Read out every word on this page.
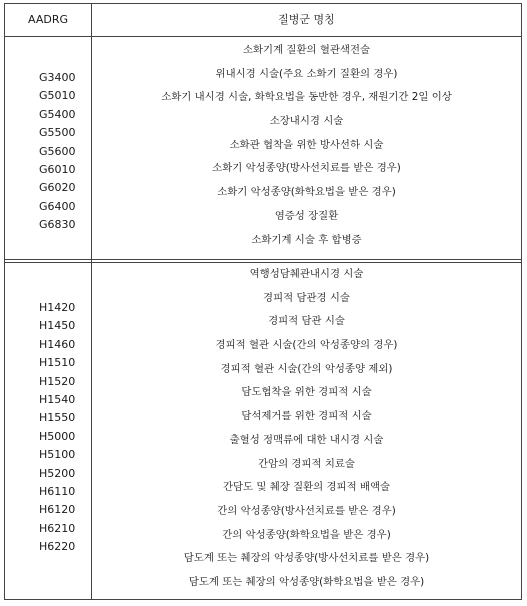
AADRG	질병군 명칭
G3400
G5010
G5400
G5500
G5600
G6010
G6020
G6400
G6830
소화기계 질환의 혈관색전술
위내시경 시술(주요 소화기 질환의 경우)
소화기 내시경 시술, 화학요법을 동반한 경우, 재원기간 2일 이상
소장내시경 시술
소화관 협착을 위한 방사선하 시술
소화기 악성종양(방사선치료를 받은 경우)
소화기 악성종양(화학요법을 받은 경우)
염증성 장질환
소화기계 시술 후 합병증
H1420
H1450
H1460
H1510
H1520
H1540
H1550
H5000
H5100
H5200
H6110
H6120
H6210
H6220
역행성담췌관내시경 시술
경피적 담관경 시술
경피적 담관 시술
경피적 혈관 시술(간의 악성종양의 경우)
경피적 혈관 시술(간의 악성종양 제외)
담도협착을 위한 경피적 시술
담석제거를 위한 경피적 시술
출혈성 정맥류에 대한 내시경 시술
간암의 경피적 치료술
간담도 및 췌장 질환의 경피적 배액술
간의 악성종양(방사선치료를 받은 경우)
간의 악성종양(화학요법을 받은 경우)
담도계 또는 췌장의 악성종양(방사선치료를 받은 경우)
담도계 또는 췌장의 악성종양(화학요법을 받은 경우)
